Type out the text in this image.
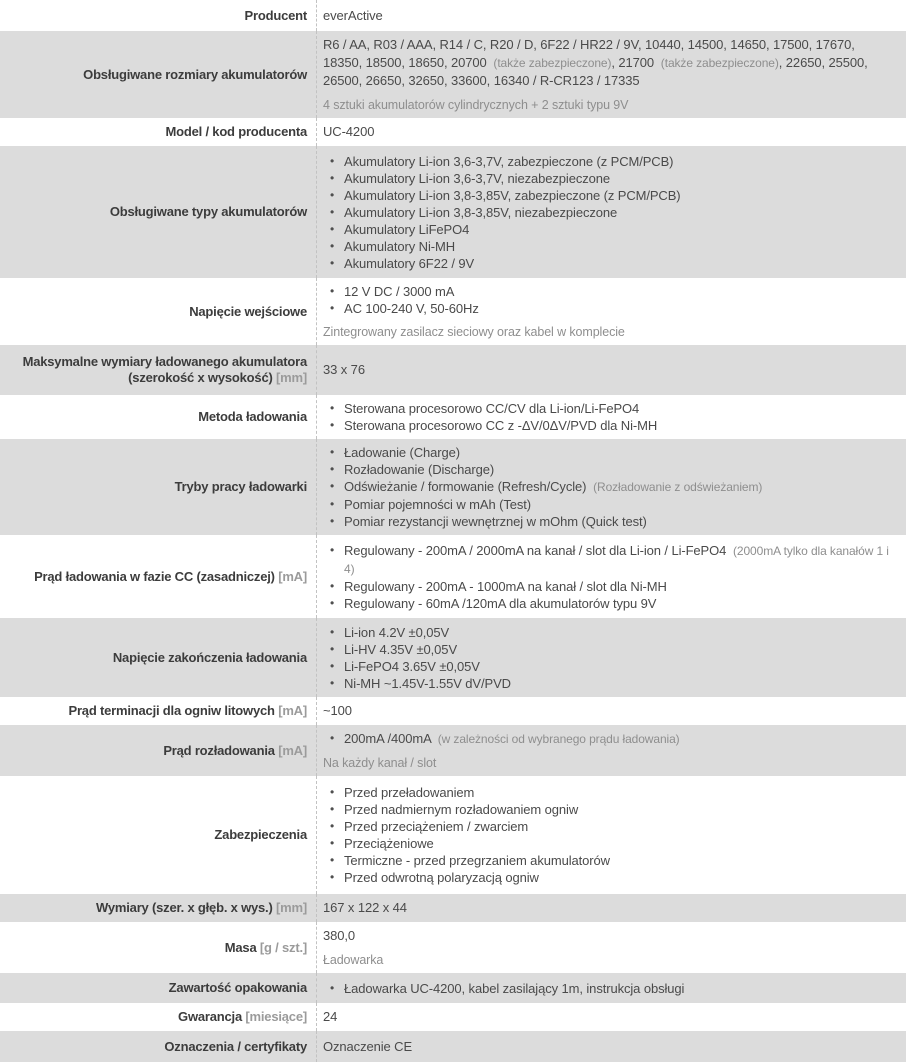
Producent everActive
Obsługiwane rozmiary akumulatorów
R6 / AA, R03 / AAA, R14 / C, R20 / D, 6F22 / HR22 / 9V, 10440, 14500, 14650, 17500, 17670, 18350, 18500, 18650, 20700  (także zabezpieczone), 21700  (także zabezpieczone), 22650, 25500, 26500, 26650, 32650, 33600, 16340 / R-CR123 / 17335
4 sztuki akumulatorów cylindrycznych + 2 sztuki typu 9V
Model / kod producenta UC-4200
Obsługiwane typy akumulatorów
• Akumulatory Li-ion 3,6-3,7V, zabezpieczone (z PCM/PCB)
• Akumulatory Li-ion 3,6-3,7V, niezabezpieczone
• Akumulatory Li-ion 3,8-3,85V, zabezpieczone (z PCM/PCB)
• Akumulatory Li-ion 3,8-3,85V, niezabezpieczone
• Akumulatory LiFePO4
• Akumulatory Ni-MH
• Akumulatory 6F22 / 9V
Napięcie wejściowe
• 12 V DC / 3000 mA
• AC 100-240 V, 50-60Hz
Zintegrowany zasilacz sieciowy oraz kabel w komplecie
Maksymalne wymiary ładowanego akumulatora (szerokość x wysokość) [mm]
33 x 76
Metoda ładowania
• Sterowana procesorowo CC/CV dla Li-ion/Li-FePO4
• Sterowana procesorowo CC z -ΔV/0ΔV/PVD dla Ni-MH
Tryby pracy ładowarki
• Ładowanie (Charge)
• Rozładowanie (Discharge)
• Odświeżanie / formowanie (Refresh/Cycle)  (Rozładowanie z odświeżaniem)
• Pomiar pojemności w mAh (Test)
• Pomiar rezystancji wewnętrznej w mOhm (Quick test)
Prąd ładowania w fazie CC (zasadniczej) [mA]
• Regulowany - 200mA / 2000mA na kanał / slot dla Li-ion / Li-FePO4  (2000mA tylko dla kanałów 1 i 4)
• Regulowany - 200mA - 1000mA na kanał / slot dla Ni-MH
• Regulowany - 60mA /120mA dla akumulatorów typu 9V
Napięcie zakończenia ładowania
• Li-ion 4.2V ±0,05V
• Li-HV 4.35V ±0,05V
• Li-FePO4 3.65V ±0,05V
• Ni-MH ~1.45V-1.55V dV/PVD
Prąd terminacji dla ogniw litowych [mA] ~100
Prąd rozładowania [mA]
• 200mA /400mA  (w zależności od wybranego prądu ładowania)
Na każdy kanał / slot
Zabezpieczenia
• Przed przeładowaniem
• Przed nadmiernym rozładowaniem ogniw
• Przed przeciążeniem / zwarciem
• Przeciążeniowe
• Termiczne - przed przegrzaniem akumulatorów
• Przed odwrotną polaryzacją ogniw
Wymiary (szer. x głęb. x wys.) [mm] 167 x 122 x 44
Masa [g / szt.]
380,0
Ładowarka
Zawartość opakowania	• Ładowarka UC-4200, kabel zasilający 1m, instrukcja obsługi
Gwarancja [miesiące] 24
Oznaczenia / certyfikaty Oznaczenie CE
